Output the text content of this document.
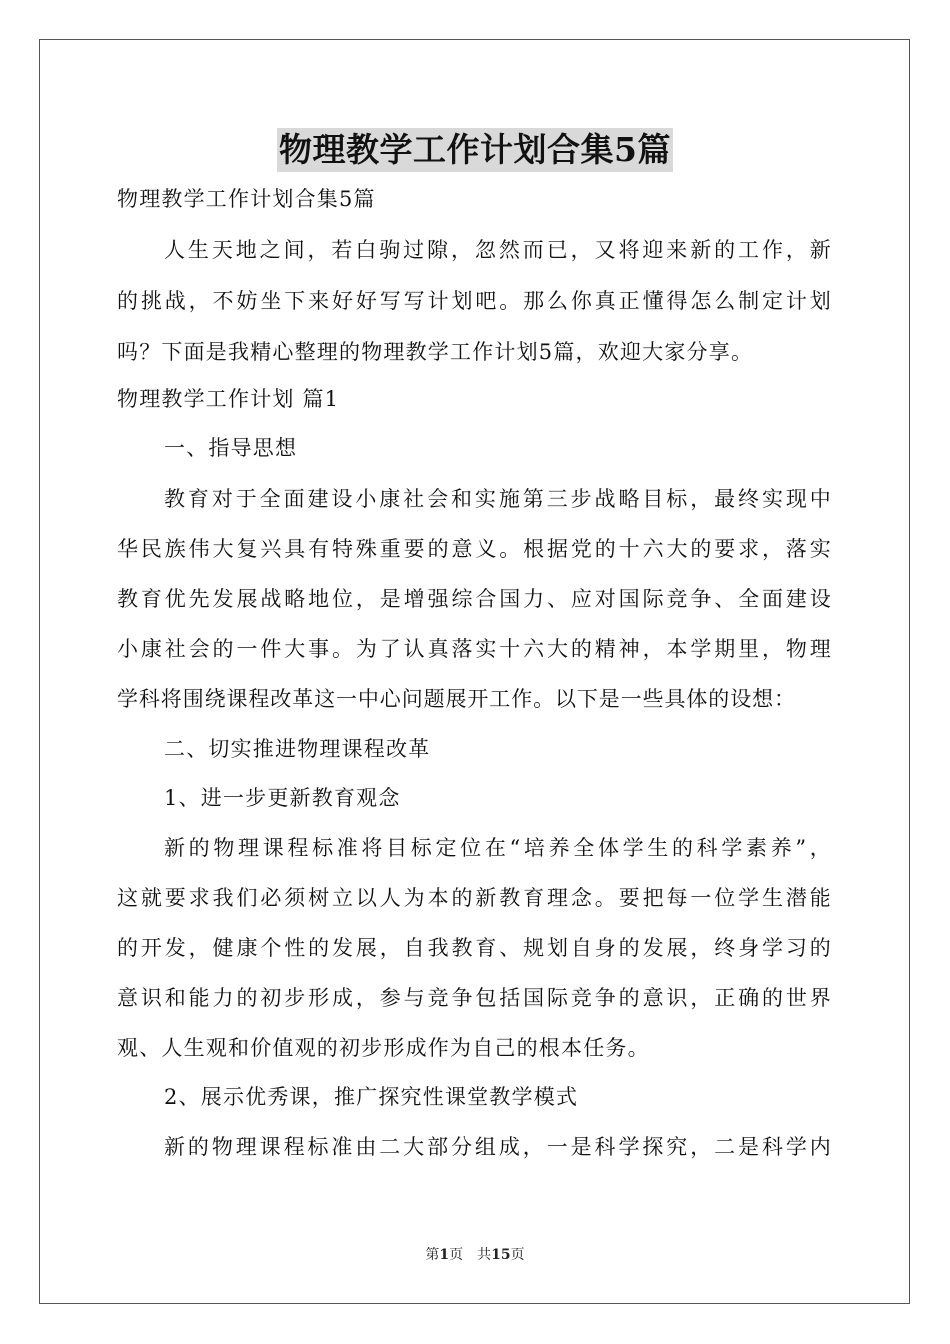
物理教学工作计划合集5篇
物理教学工作计划合集5篇
人生天地之间，若白驹过隙，忽然而已，又将迎来新的工作，新
的挑战，不妨坐下来好好写写计划吧。那么你真正懂得怎么制定计划
吗？下面是我精心整理的物理教学工作计划5篇，欢迎大家分享。
物理教学工作计划 篇1
一、指导思想
教育对于全面建设小康社会和实施第三步战略目标，最终实现中
华民族伟大复兴具有特殊重要的意义。根据党的十六大的要求，落实
教育优先发展战略地位，是增强综合国力、应对国际竞争、全面建设
小康社会的一件大事。为了认真落实十六大的精神，本学期里，物理
学科将围绕课程改革这一中心问题展开工作。以下是一些具体的设想：
二、切实推进物理课程改革
1、进一步更新教育观念
新的物理课程标准将目标定位在“培养全体学生的科学素养”，
这就要求我们必须树立以人为本的新教育理念。要把每一位学生潜能
的开发，健康个性的发展，自我教育、规划自身的发展，终身学习的
意识和能力的初步形成，参与竞争包括国际竞争的意识，正确的世界
观、人生观和价值观的初步形成作为自己的根本任务。
2、展示优秀课，推广探究性课堂教学模式
新的物理课程标准由二大部分组成，一是科学探究，二是科学内
第1页　共15页
